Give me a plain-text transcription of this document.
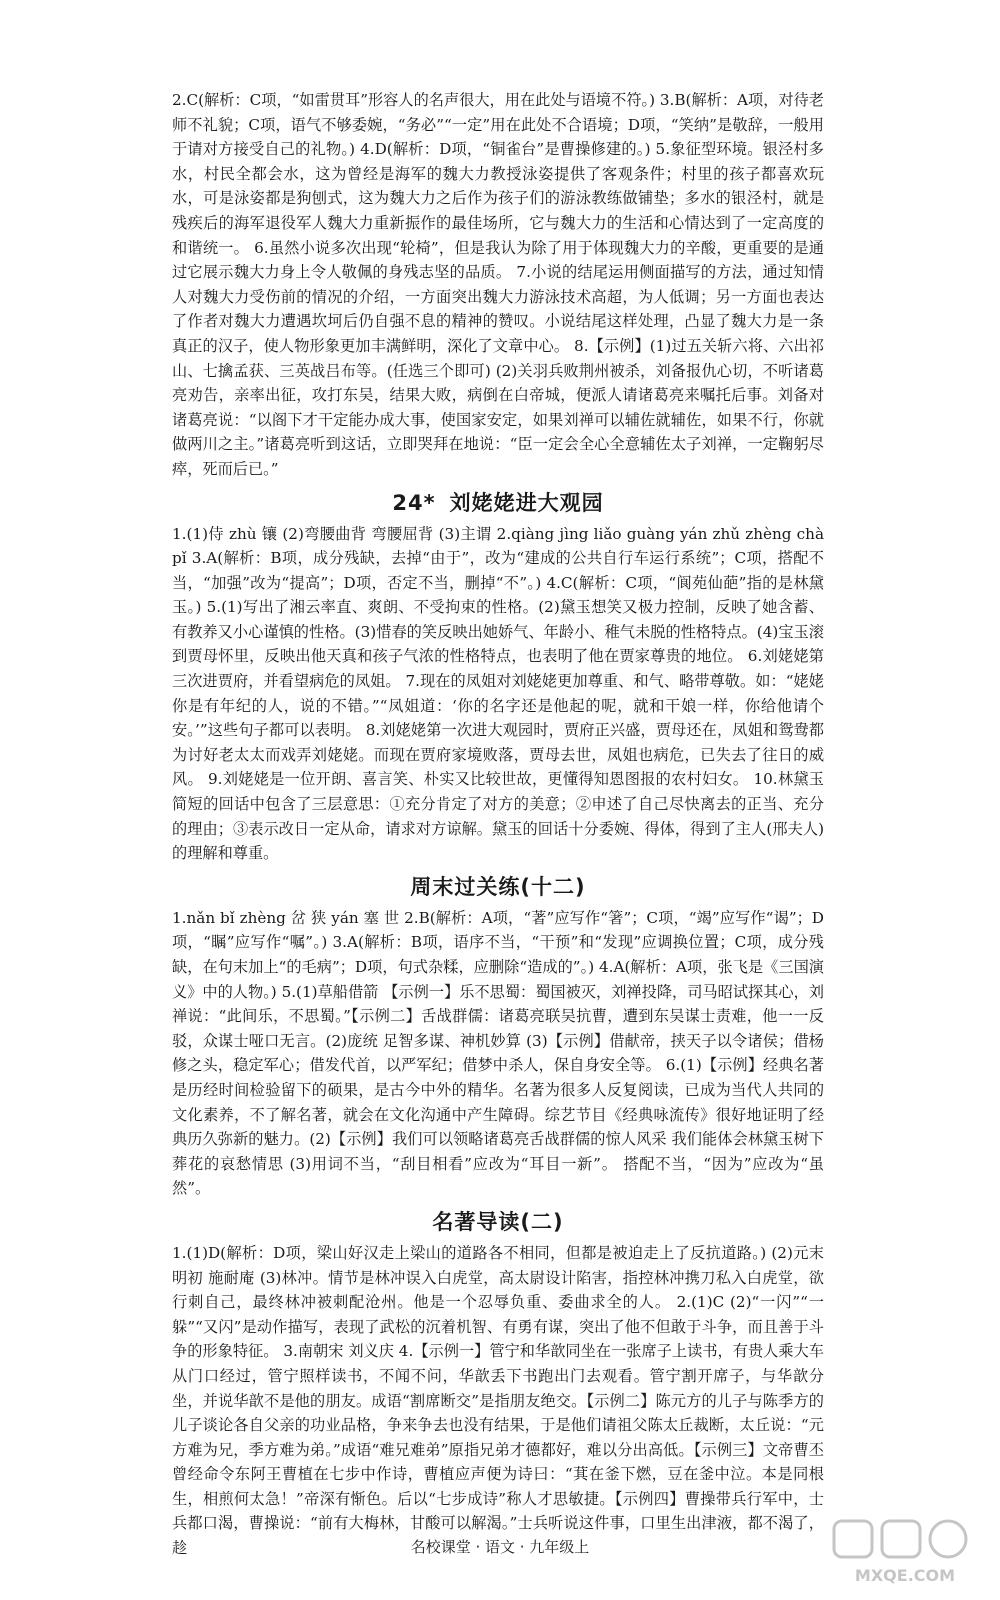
2.C(解析：C项，“如雷贯耳”形容人的名声很大，用在此处与语境不符。) 3.B(解析：A项，对待老师不礼貌；C项，语气不够委婉，“务必”“一定”用在此处不合语境；D项，“笑纳”是敬辞，一般用于请对方接受自己的礼物。) 4.D(解析：D项，“铜雀台”是曹操修建的。) 5.象征型环境。银泾村多水，村民全都会水，这为曾经是海军的魏大力教授泳姿提供了客观条件；村里的孩子都喜欢玩水，可是泳姿都是狗刨式，这为魏大力之后作为孩子们的游泳教练做铺垫；多水的银泾村，就是残疾后的海军退役军人魏大力重新振作的最佳场所，它与魏大力的生活和心情达到了一定高度的和谐统一。 6.虽然小说多次出现“轮椅”，但是我认为除了用于体现魏大力的辛酸，更重要的是通过它展示魏大力身上令人敬佩的身残志坚的品质。 7.小说的结尾运用侧面描写的方法，通过知情人对魏大力受伤前的情况的介绍，一方面突出魏大力游泳技术高超，为人低调；另一方面也表达了作者对魏大力遭遇坎坷后仍自强不息的精神的赞叹。小说结尾这样处理，凸显了魏大力是一条真正的汉子，使人物形象更加丰满鲜明，深化了文章中心。 8.【示例】(1)过五关斩六将、六出祁山、七擒孟获、三英战吕布等。(任选三个即可) (2)关羽兵败荆州被杀，刘备报仇心切，不听诸葛亮劝告，亲率出征，攻打东吴，结果大败，病倒在白帝城，便派人请诸葛亮来嘱托后事。刘备对诸葛亮说：“以阁下才干定能办成大事，使国家安定，如果刘禅可以辅佐就辅佐，如果不行，你就做两川之主。”诸葛亮听到这话，立即哭拜在地说：“臣一定会全心全意辅佐太子刘禅，一定鞠躬尽瘁，死而后已。”

24* 刘姥姥进大观园

1.(1)侍 zhù 镶 (2)弯腰曲背 弯腰屈背 (3)主谓 2.qiàng jìng liǎo guàng yán zhǔ zhèng chà pǐ 3.A(解析：B项，成分残缺，去掉“由于”，改为“建成的公共自行车运行系统”；C项，搭配不当，“加强”改为“提高”；D项，否定不当，删掉“不”。) 4.C(解析：C项，“阆苑仙葩”指的是林黛玉。) 5.(1)写出了湘云率直、爽朗、不受拘束的性格。(2)黛玉想笑又极力控制，反映了她含蓄、有教养又小心谨慎的性格。(3)惜春的笑反映出她娇气、年龄小、稚气未脱的性格特点。(4)宝玉滚到贾母怀里，反映出他天真和孩子气浓的性格特点，也表明了他在贾家尊贵的地位。 6.刘姥姥第三次进贾府，并看望病危的凤姐。 7.现在的凤姐对刘姥姥更加尊重、和气、略带尊敬。如：“姥姥你是有年纪的人，说的不错。”“凤姐道：‘你的名字还是他起的呢，就和干娘一样，你给他请个安。’”这些句子都可以表明。 8.刘姥姥第一次进大观园时，贾府正兴盛，贾母还在，凤姐和鸳鸯都为讨好老太太而戏弄刘姥姥。而现在贾府家境败落，贾母去世，凤姐也病危，已失去了往日的威风。 9.刘姥姥是一位开朗、喜言笑、朴实又比较世故，更懂得知恩图报的农村妇女。 10.林黛玉简短的回话中包含了三层意思：①充分肯定了对方的美意；②申述了自己尽快离去的正当、充分的理由；③表示改日一定从命，请求对方谅解。黛玉的回话十分委婉、得体，得到了主人(邢夫人)的理解和尊重。

周末过关练(十二)

1.nǎn bǐ zhèng 岔 狭 yán 塞 世 2.B(解析：A项，“著”应写作“箸”；C项，“竭”应写作“谒”；D项，“瞩”应写作“嘱”。) 3.A(解析：B项，语序不当，“干预”和“发现”应调换位置；C项，成分残缺，在句末加上“的毛病”；D项，句式杂糅，应删除“造成的”。) 4.A(解析：A项，张飞是《三国演义》中的人物。) 5.(1)草船借箭 【示例一】乐不思蜀：蜀国被灭，刘禅投降，司马昭试探其心，刘禅说：“此间乐，不思蜀。”【示例二】舌战群儒：诸葛亮联吴抗曹，遭到东吴谋士责难，他一一反驳，众谋士哑口无言。(2)庞统 足智多谋、神机妙算 (3)【示例】借献帝，挟天子以令诸侯；借杨修之头，稳定军心；借发代首，以严军纪；借梦中杀人，保自身安全等。 6.(1)【示例】经典名著是历经时间检验留下的硕果，是古今中外的精华。名著为很多人反复阅读，已成为当代人共同的文化素养，不了解名著，就会在文化沟通中产生障碍。综艺节目《经典咏流传》很好地证明了经典历久弥新的魅力。(2)【示例】我们可以领略诸葛亮舌战群儒的惊人风采 我们能体会林黛玉树下葬花的哀愁情思 (3)用词不当，“刮目相看”应改为“耳目一新”。 搭配不当，“因为”应改为“虽然”。

名著导读(二)

1.(1)D(解析：D项，梁山好汉走上梁山的道路各不相同，但都是被迫走上了反抗道路。) (2)元末明初 施耐庵 (3)林冲。情节是林冲误入白虎堂，高太尉设计陷害，指控林冲携刀私入白虎堂，欲行刺自己，最终林冲被刺配沧州。他是一个忍辱负重、委曲求全的人。 2.(1)C (2)“一闪”“一躲”“又闪”是动作描写，表现了武松的沉着机智、有勇有谋，突出了他不但敢于斗争，而且善于斗争的形象特征。 3.南朝宋 刘义庆 4.【示例一】管宁和华歆同坐在一张席子上读书，有贵人乘大车从门口经过，管宁照样读书，不闻不问，华歆丢下书跑出门去观看。管宁割开席子，与华歆分坐，并说华歆不是他的朋友。成语“割席断交”是指朋友绝交。【示例二】陈元方的儿子与陈季方的儿子谈论各自父亲的功业品格，争来争去也没有结果，于是他们请祖父陈太丘裁断，太丘说：“元方难为兄，季方难为弟。”成语“难兄难弟”原指兄弟才德都好，难以分出高低。【示例三】文帝曹丕曾经命令东阿王曹植在七步中作诗，曹植应声便为诗曰：“萁在釜下燃，豆在釜中泣。本是同根生，相煎何太急！”帝深有惭色。后以“七步成诗”称人才思敏捷。【示例四】曹操带兵行军中，士兵都口渴，曹操说：“前有大梅林，甘酸可以解渴。”士兵听说这件事，口里生出津液，都不渴了，趁	名校课堂 · 语文 · 九年级上
MXQE.COM
